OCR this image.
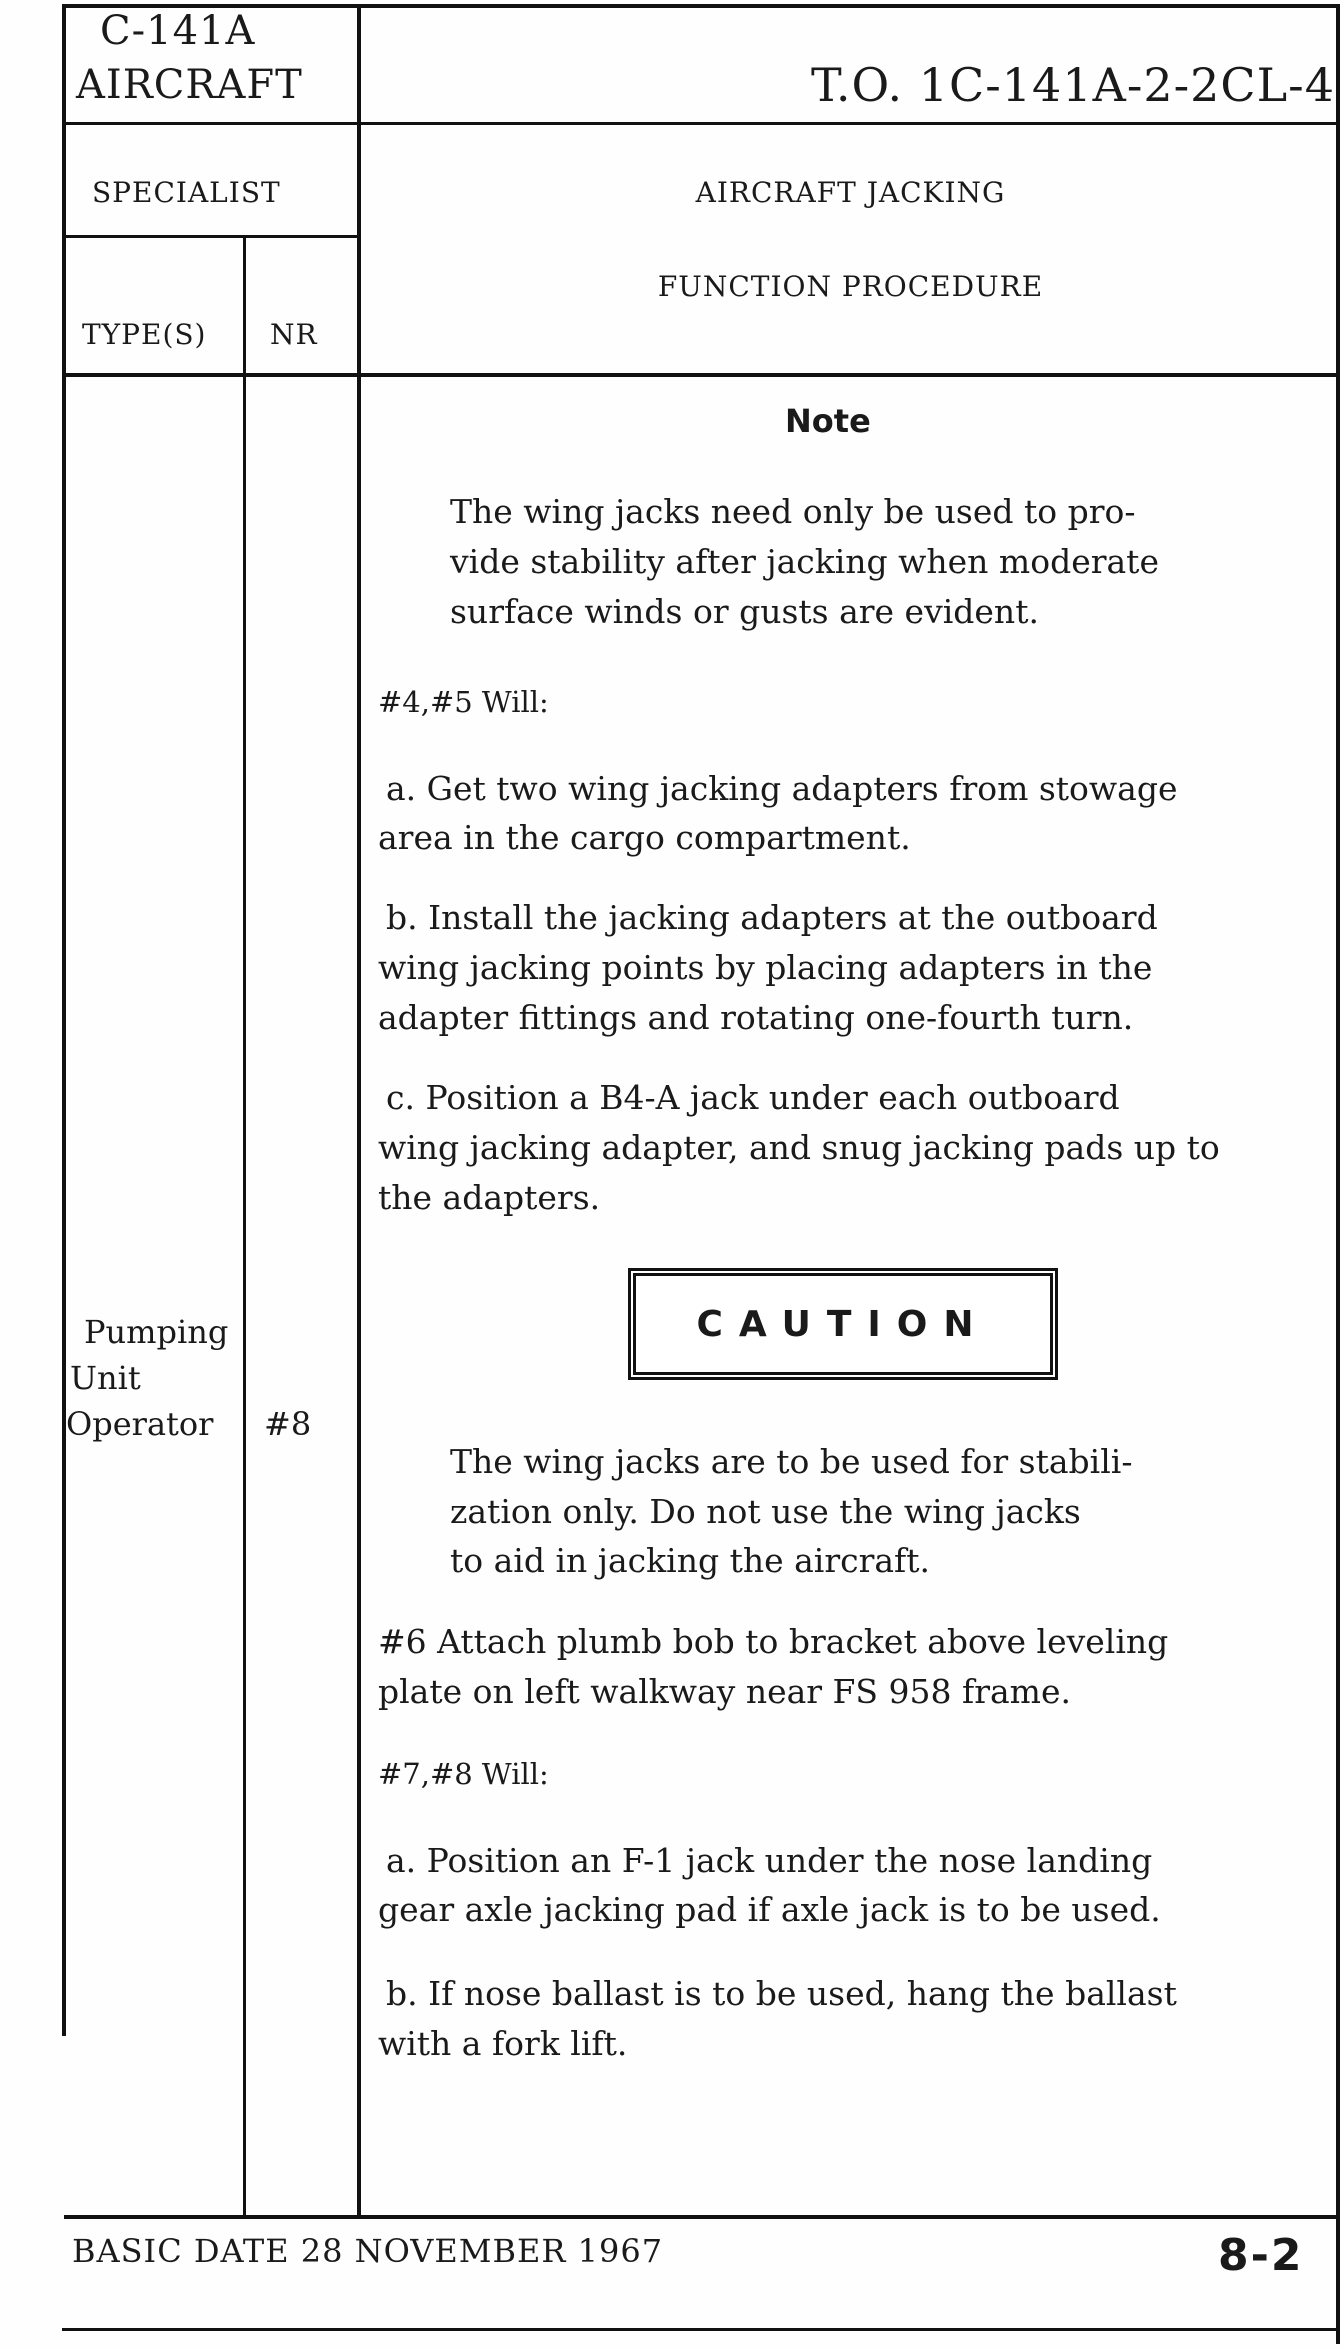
C-141A
AIRCRAFT	T.O. 1C-141A-2-2CL-4
SPECIALIST	AIRCRAFT JACKING
FUNCTION PROCEDURE
TYPE(S) NR
Pumping
Unit
Operator #8
Note
The wing jacks need only be used to pro-
vide stability after jacking when moderate
surface winds or gusts are evident.
#4,#5 Will:
a. Get two wing jacking adapters from stowage
area in the cargo compartment.
b. Install the jacking adapters at the outboard
wing jacking points by placing adapters in the
adapter fittings and rotating one-fourth turn.
c. Position a B4-A jack under each outboard
wing jacking adapter, and snug jacking pads up to
the adapters.
CAUTION
The wing jacks are to be used for stabili-
zation only. Do not use the wing jacks
to aid in jacking the aircraft.
#6 Attach plumb bob to bracket above leveling
plate on left walkway near FS 958 frame.
#7,#8 Will:
a. Position an F-1 jack under the nose landing
gear axle jacking pad if axle jack is to be used.
b. If nose ballast is to be used, hang the ballast
with a fork lift.
BASIC DATE 28 NOVEMBER 1967	8-2
